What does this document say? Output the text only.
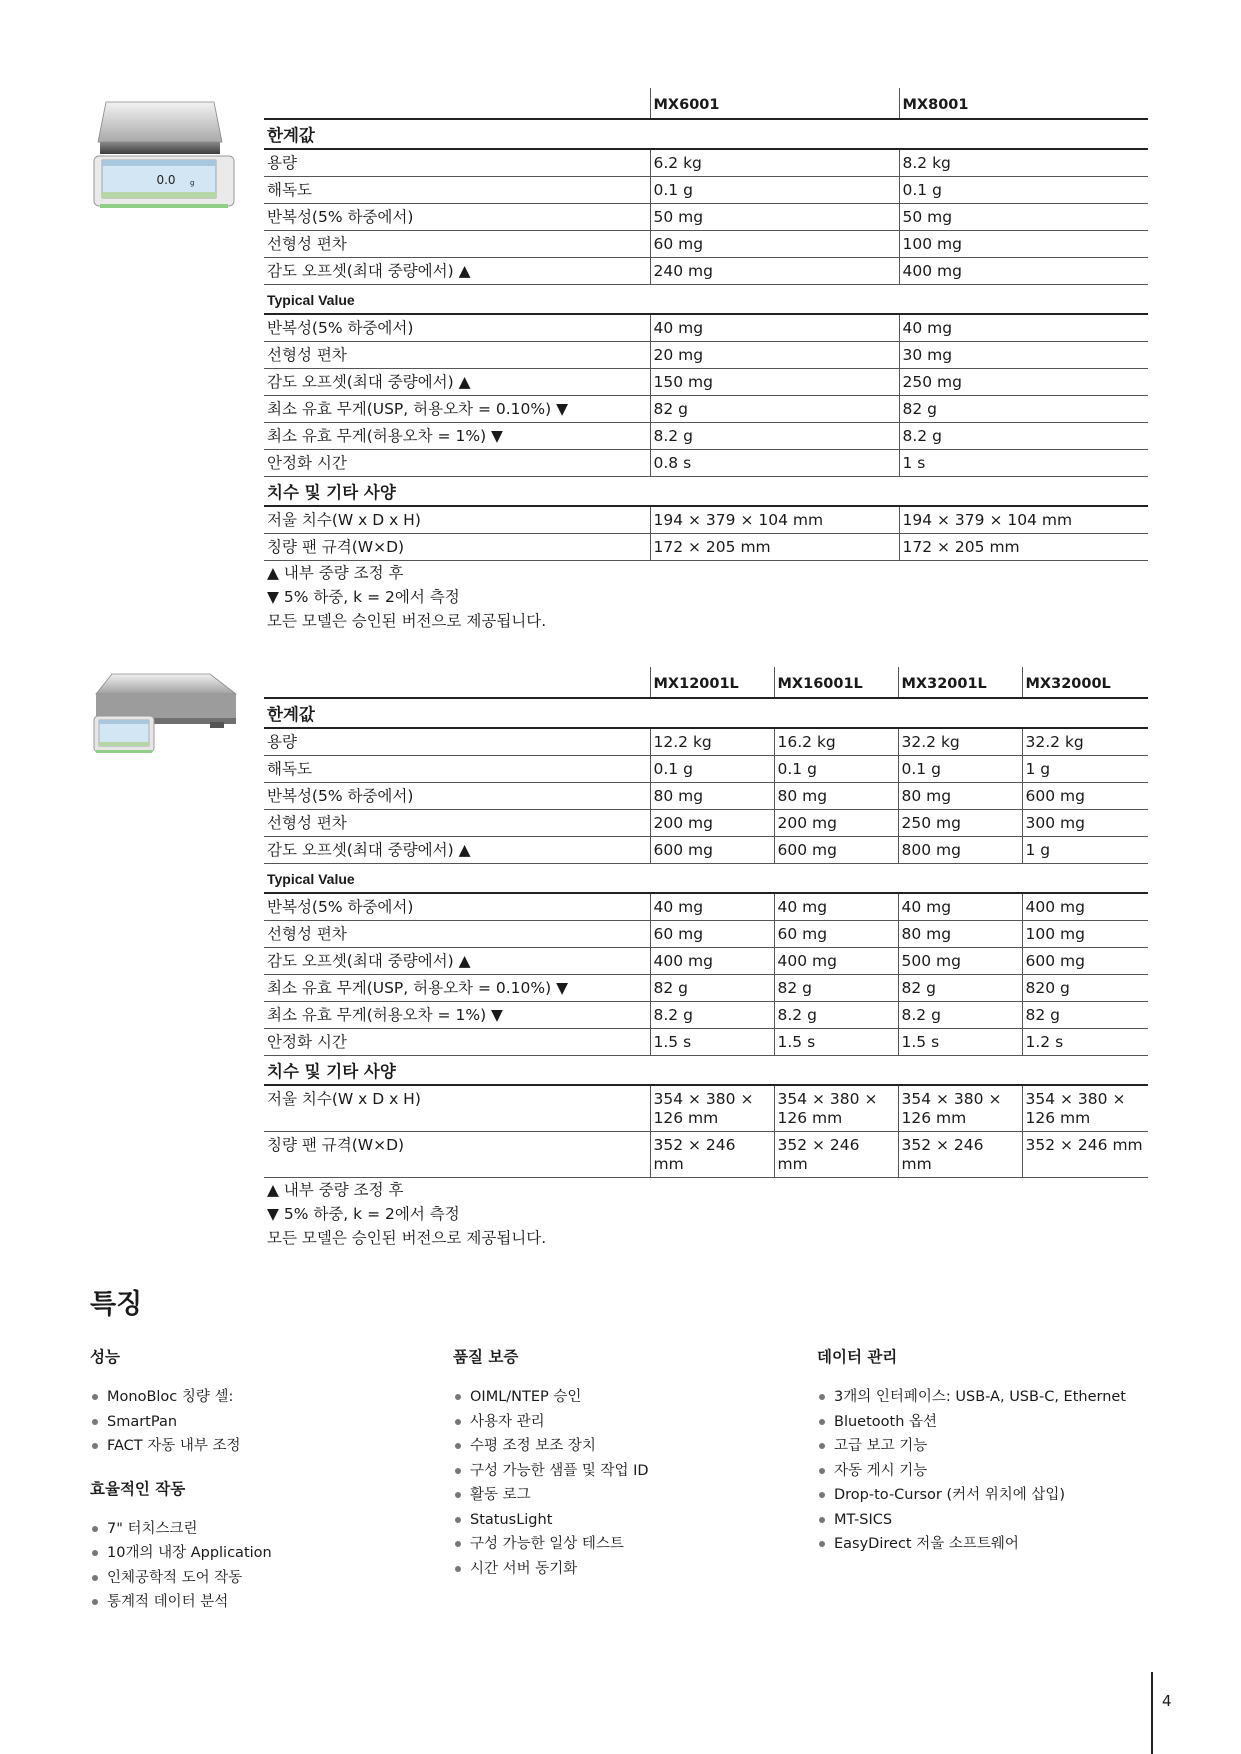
0.0 g
	MX6001	MX8001
한계값		
용량	6.2 kg	8.2 kg
해독도	0.1 g	0.1 g
반복성(5% 하중에서)	50 mg	50 mg
선형성 편차	60 mg	100 mg
감도 오프셋(최대 중량에서) ▲	240 mg	400 mg
Typical Value		
반복성(5% 하중에서)	40 mg	40 mg
선형성 편차	20 mg	30 mg
감도 오프셋(최대 중량에서) ▲	150 mg	250 mg
최소 유효 무게(USP, 허용오차 = 0.10%) ▼	82 g	82 g
최소 유효 무게(허용오차 = 1%) ▼	8.2 g	8.2 g
안정화 시간	0.8 s	1 s
치수 및 기타 사양		
저울 치수(W x D x H)	194 × 379 × 104 mm	194 × 379 × 104 mm
칭량 팬 규격(W×D)	172 × 205 mm	172 × 205 mm
▲ 내부 중량 조정 후		
▼ 5% 하중, k = 2에서 측정		
모든 모델은 승인된 버전으로 제공됩니다.		
	MX12001L	MX16001L	MX32001L	MX32000L
한계값				
용량	12.2 kg	16.2 kg	32.2 kg	32.2 kg
해독도	0.1 g	0.1 g	0.1 g	1 g
반복성(5% 하중에서)	80 mg	80 mg	80 mg	600 mg
선형성 편차	200 mg	200 mg	250 mg	300 mg
감도 오프셋(최대 중량에서) ▲	600 mg	600 mg	800 mg	1 g
Typical Value				
반복성(5% 하중에서)	40 mg	40 mg	40 mg	400 mg
선형성 편차	60 mg	60 mg	80 mg	100 mg
감도 오프셋(최대 중량에서) ▲	400 mg	400 mg	500 mg	600 mg
최소 유효 무게(USP, 허용오차 = 0.10%) ▼	82 g	82 g	82 g	820 g
최소 유효 무게(허용오차 = 1%) ▼	8.2 g	8.2 g	8.2 g	82 g
안정화 시간	1.5 s	1.5 s	1.5 s	1.2 s
치수 및 기타 사양				
저울 치수(W x D x H)	354 × 380 × 126 mm	354 × 380 × 126 mm	354 × 380 × 126 mm	354 × 380 × 126 mm
칭량 팬 규격(W×D)	352 × 246 mm	352 × 246 mm	352 × 246 mm	352 × 246 mm
▲ 내부 중량 조정 후				
▼ 5% 하중, k = 2에서 측정				
모든 모델은 승인된 버전으로 제공됩니다.				
특징
성능
MonoBloc 칭량 셀:
SmartPan
FACT 자동 내부 조정
효율적인 작동
7" 터치스크린
10개의 내장 Application
인체공학적 도어 작동
통계적 데이터 분석
품질 보증
OIML/NTEP 승인
사용자 관리
수평 조정 보조 장치
구성 가능한 샘플 및 작업 ID
활동 로그
StatusLight
구성 가능한 일상 테스트
시간 서버 동기화
데이터 관리
3개의 인터페이스: USB-A, USB-C, Ethernet
Bluetooth 옵션
고급 보고 기능
자동 게시 기능
Drop-to-Cursor (커서 위치에 삽입)
MT-SICS
EasyDirect 저울 소프트웨어
4
